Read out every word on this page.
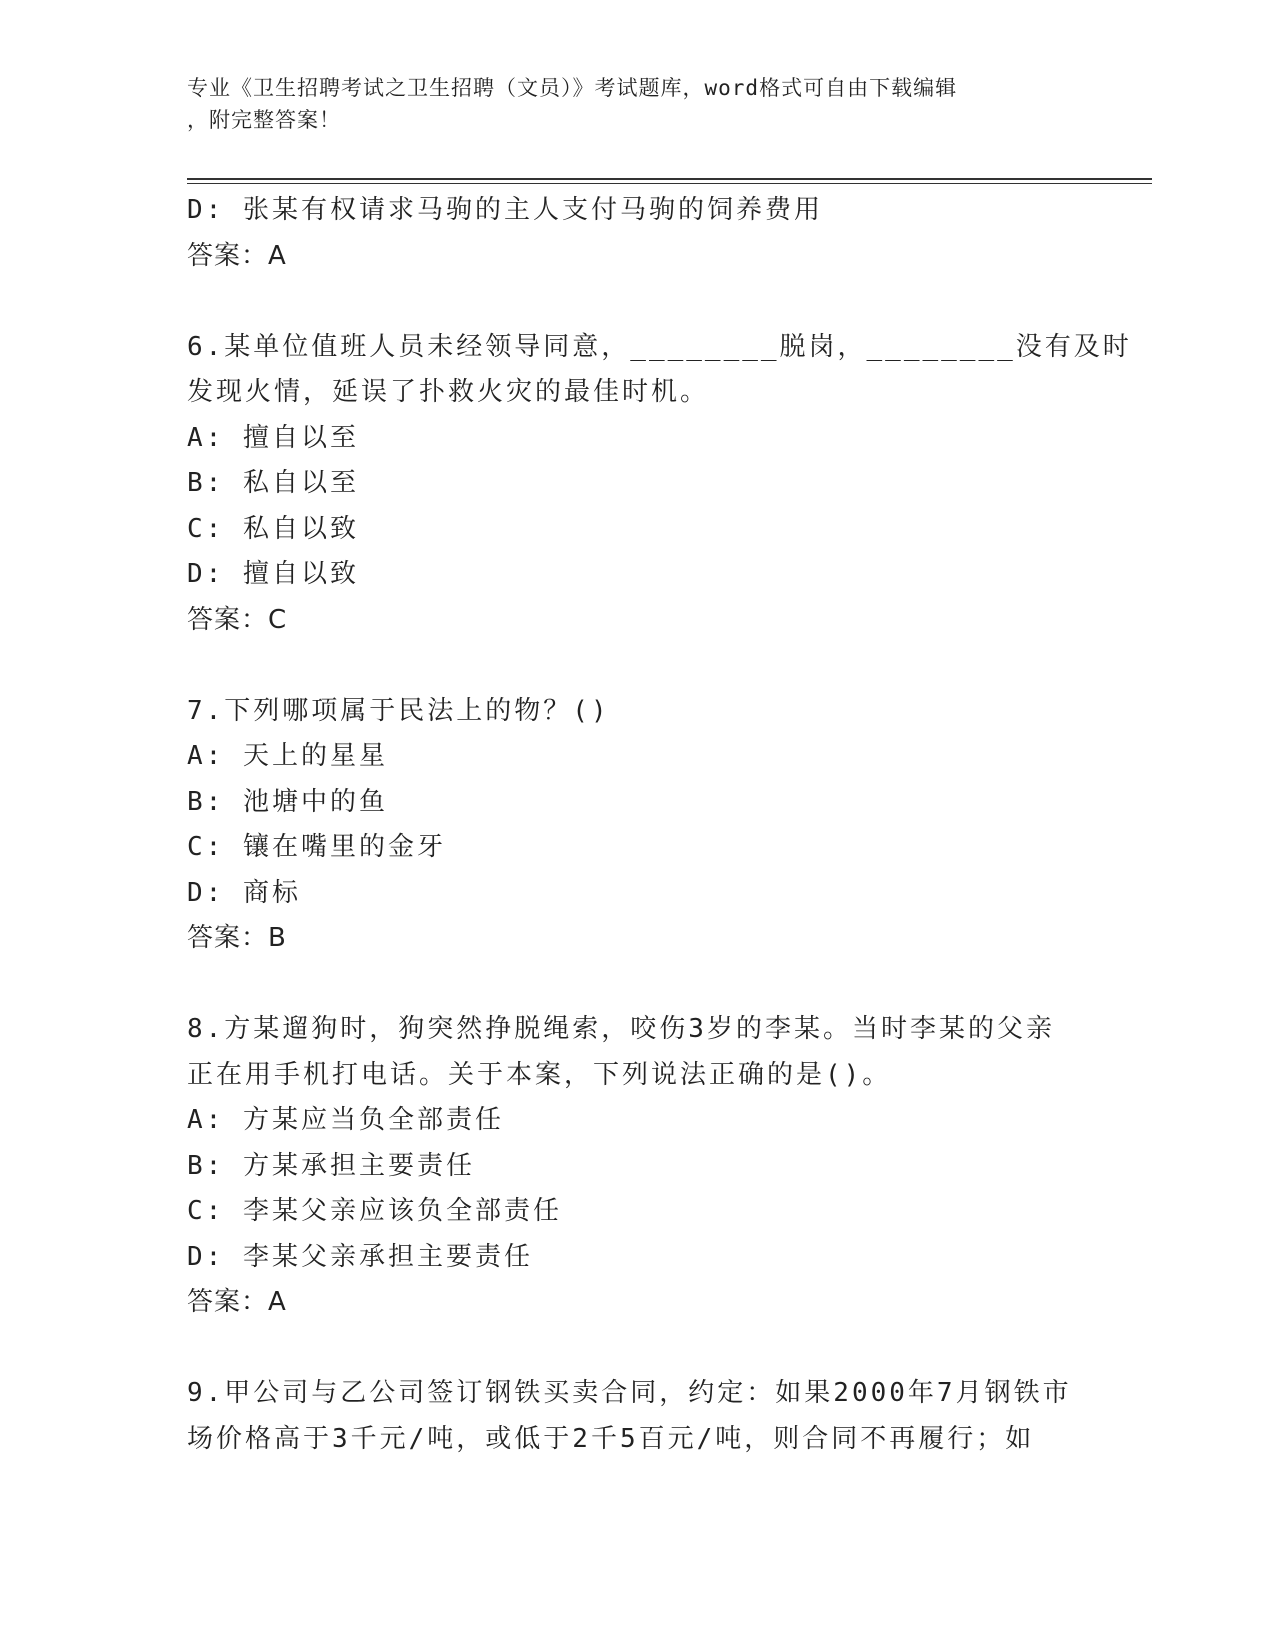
专业《卫生招聘考试之卫生招聘（文员）》考试题库，word格式可自由下载编辑
，附完整答案！
D: 张某有权请求马驹的主人支付马驹的饲养费用
答案：A
6.某单位值班人员未经领导同意，________脱岗，________没有及时
发现火情，延误了扑救火灾的最佳时机。
A: 擅自以至
B: 私自以至
C: 私自以致
D: 擅自以致
答案：C
7.下列哪项属于民法上的物？()
A: 天上的星星
B: 池塘中的鱼
C: 镶在嘴里的金牙
D: 商标
答案：B
8.方某遛狗时，狗突然挣脱绳索，咬伤3岁的李某。当时李某的父亲
正在用手机打电话。关于本案，下列说法正确的是()。
A: 方某应当负全部责任
B: 方某承担主要责任
C: 李某父亲应该负全部责任
D: 李某父亲承担主要责任
答案：A
9.甲公司与乙公司签订钢铁买卖合同，约定：如果2000年7月钢铁市
场价格高于3千元/吨，或低于2千5百元/吨，则合同不再履行；如
